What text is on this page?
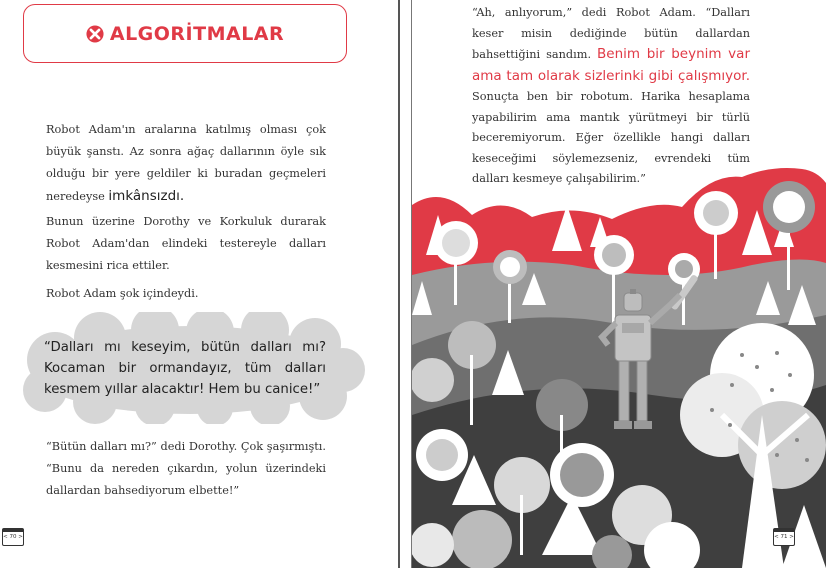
ALGORİTMALAR

Robot Adam'ın aralarına katılmış olması çok büyük şanstı. Az sonra ağaç dallarının öyle sık olduğu bir yere geldiler ki buradan geçmeleri neredeyse imkânsızdı.

Bunun üzerine Dorothy ve Korkuluk durarak Robot Adam'dan elindeki testereyle dalları kesmesini rica ettiler.

Robot Adam şok içindeydi.

“Dalları mı keseyim, bütün dalları mı? Kocaman bir ormandayız, tüm dalları kesmem yıllar alacaktır! Hem bu canice!”

“Bütün dalları mı?” dedi Dorothy. Çok şaşırmıştı. “Bunu da nereden çıkardın, yolun üzerindeki dallardan bahsediyorum elbette!”

< 70 >

“Ah, anlıyorum,” dedi Robot Adam. “Dalları keser misin dediğinde bütün dallardan bahsettiğini sandım. Benim bir beynim var ama tam olarak sizlerinki gibi çalışmıyor. Sonuçta ben bir robotum. Harika hesaplama yapabilirim ama mantık yürütmeyi bir türlü beceremiyorum. Eğer özellikle hangi dalları keseceğimi söylemezseniz, evrendeki tüm dalları kesmeye çalışabilirim.”

< 71 >
